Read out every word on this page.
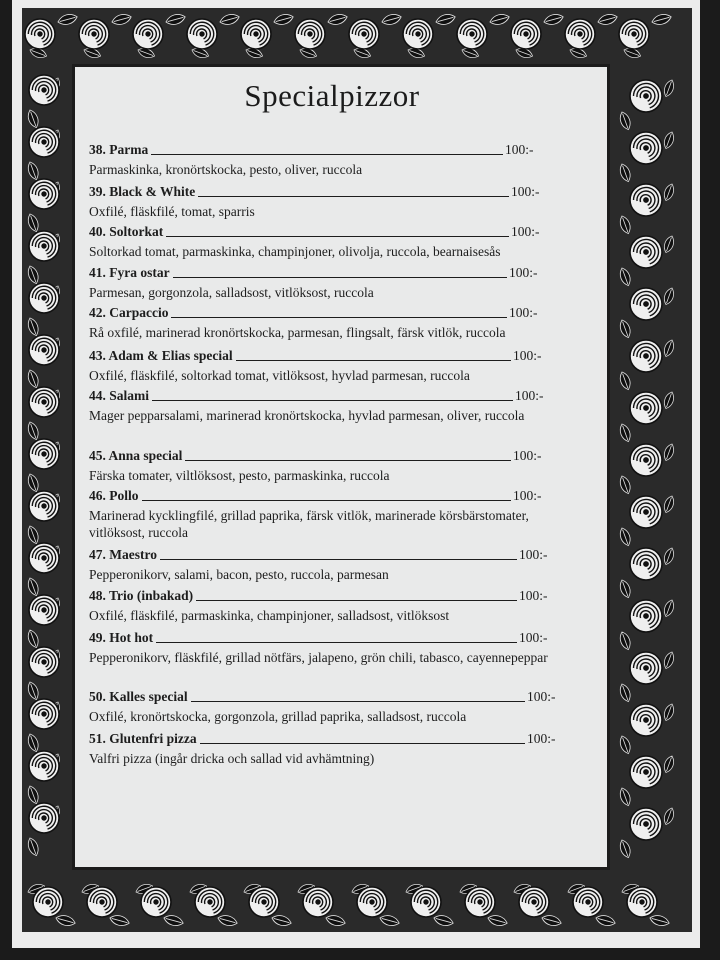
Specialpizzor
38. Parma	100:-
Parmaskinka, kronörtskocka, pesto, oliver, ruccola
39. Black & White	100:-
Oxfilé, fläskfilé, tomat, sparris
40. Soltorkat	100:-
Soltorkad tomat, parmaskinka, champinjoner, olivolja, ruccola, bearnaisesås
41. Fyra ostar	100:-
Parmesan, gorgonzola, salladsost, vitlöksost, ruccola
42. Carpaccio	100:-
Rå oxfilé, marinerad kronörtskocka, parmesan, flingsalt, färsk vitlök, ruccola
43. Adam & Elias special	100:-
Oxfilé, fläskfilé, soltorkad tomat, vitlöksost, hyvlad parmesan, ruccola
44. Salami	100:-
Mager pepparsalami, marinerad kronörtskocka, hyvlad parmesan, oliver, ruccola
45. Anna special	100:-
Färska tomater, viltlöksost, pesto, parmaskinka, ruccola
46. Pollo	100:-
Marinerad kycklingfilé, grillad paprika, färsk vitlök, marinerade körsbärstomater, vitlöksost, ruccola
47. Maestro	100:-
Pepperonikorv, salami, bacon, pesto, ruccola, parmesan
48. Trio (inbakad)	100:-
Oxfilé, fläskfilé, parmaskinka, champinjoner, salladsost, vitlöksost
49. Hot hot	100:-
Pepperonikorv, fläskfilé, grillad nötfärs, jalapeno, grön chili, tabasco, cayennepeppar
50. Kalles special	100:-
Oxfilé, kronörtskocka, gorgonzola, grillad paprika, salladsost, ruccola
51. Glutenfri pizza	100:-
Valfri pizza (ingår dricka och sallad vid avhämtning)
